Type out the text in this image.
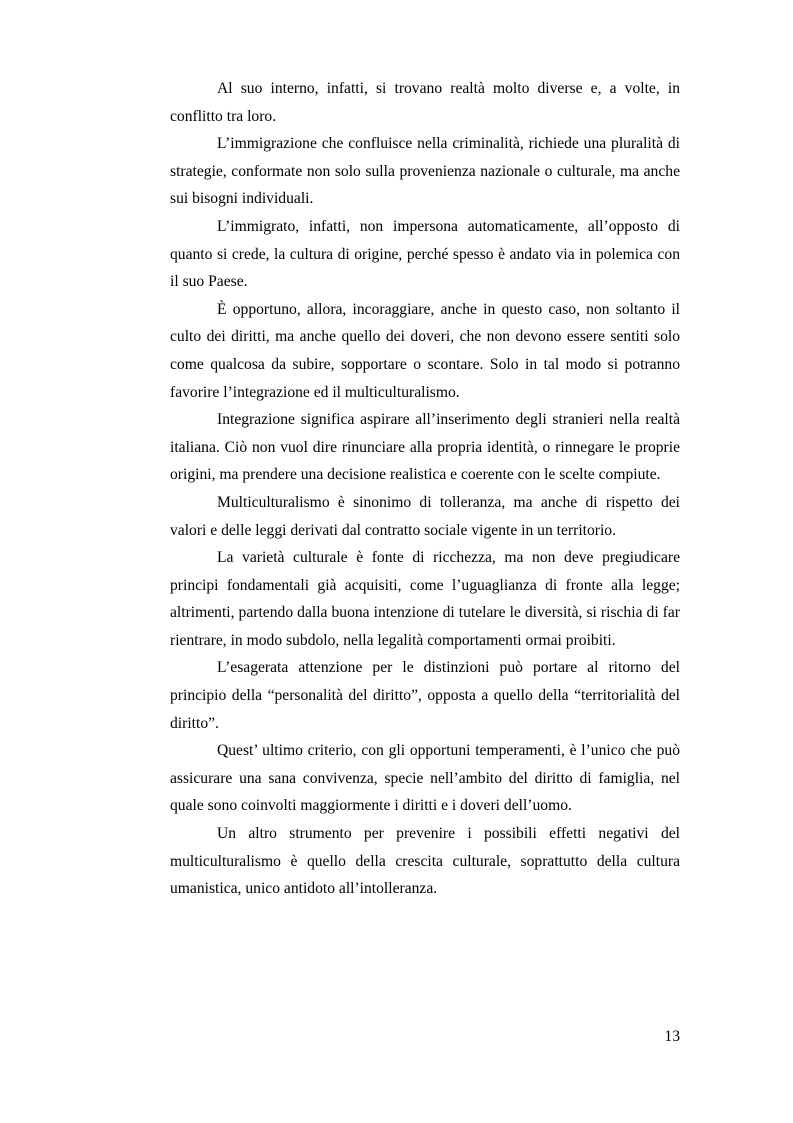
Al suo interno, infatti, si trovano realtà molto diverse e, a volte, in conflitto tra loro.

L’immigrazione che confluisce nella criminalità, richiede una pluralità di strategie, conformate non solo sulla provenienza nazionale o culturale, ma anche sui bisogni individuali.

L’immigrato, infatti, non impersona automaticamente, all’opposto di quanto si crede, la cultura di origine, perché spesso è andato via in polemica con il suo Paese.

È opportuno, allora, incoraggiare, anche in questo caso, non soltanto il culto dei diritti, ma anche quello dei doveri, che non devono essere sentiti solo come qualcosa da subire, sopportare o scontare. Solo in tal modo si potranno favorire l’integrazione ed il multiculturalismo.

Integrazione significa aspirare all’inserimento degli stranieri nella realtà italiana. Ciò non vuol dire rinunciare alla propria identità, o rinnegare le proprie origini, ma prendere una decisione realistica e coerente con le scelte compiute.

Multiculturalismo è sinonimo di tolleranza, ma anche di rispetto dei valori e delle leggi derivati dal contratto sociale vigente in un territorio.

La varietà culturale è fonte di ricchezza, ma non deve pregiudicare principi fondamentali già acquisiti, come l’uguaglianza di fronte alla legge; altrimenti, partendo dalla buona intenzione di tutelare le diversità, si rischia di far rientrare, in modo subdolo, nella legalità comportamenti ormai proibiti.

L’esagerata attenzione per le distinzioni può portare al ritorno del principio della “personalità del diritto”, opposta a quello della “territorialità del diritto”.

Quest’ ultimo criterio, con gli opportuni temperamenti, è l’unico che può assicurare una sana convivenza, specie nell’ambito del diritto di famiglia, nel quale sono coinvolti maggiormente i diritti e i doveri dell’uomo.

Un altro strumento per prevenire i possibili effetti negativi del multiculturalismo è quello della crescita culturale, soprattutto della cultura umanistica, unico antidoto all’intolleranza.

13
